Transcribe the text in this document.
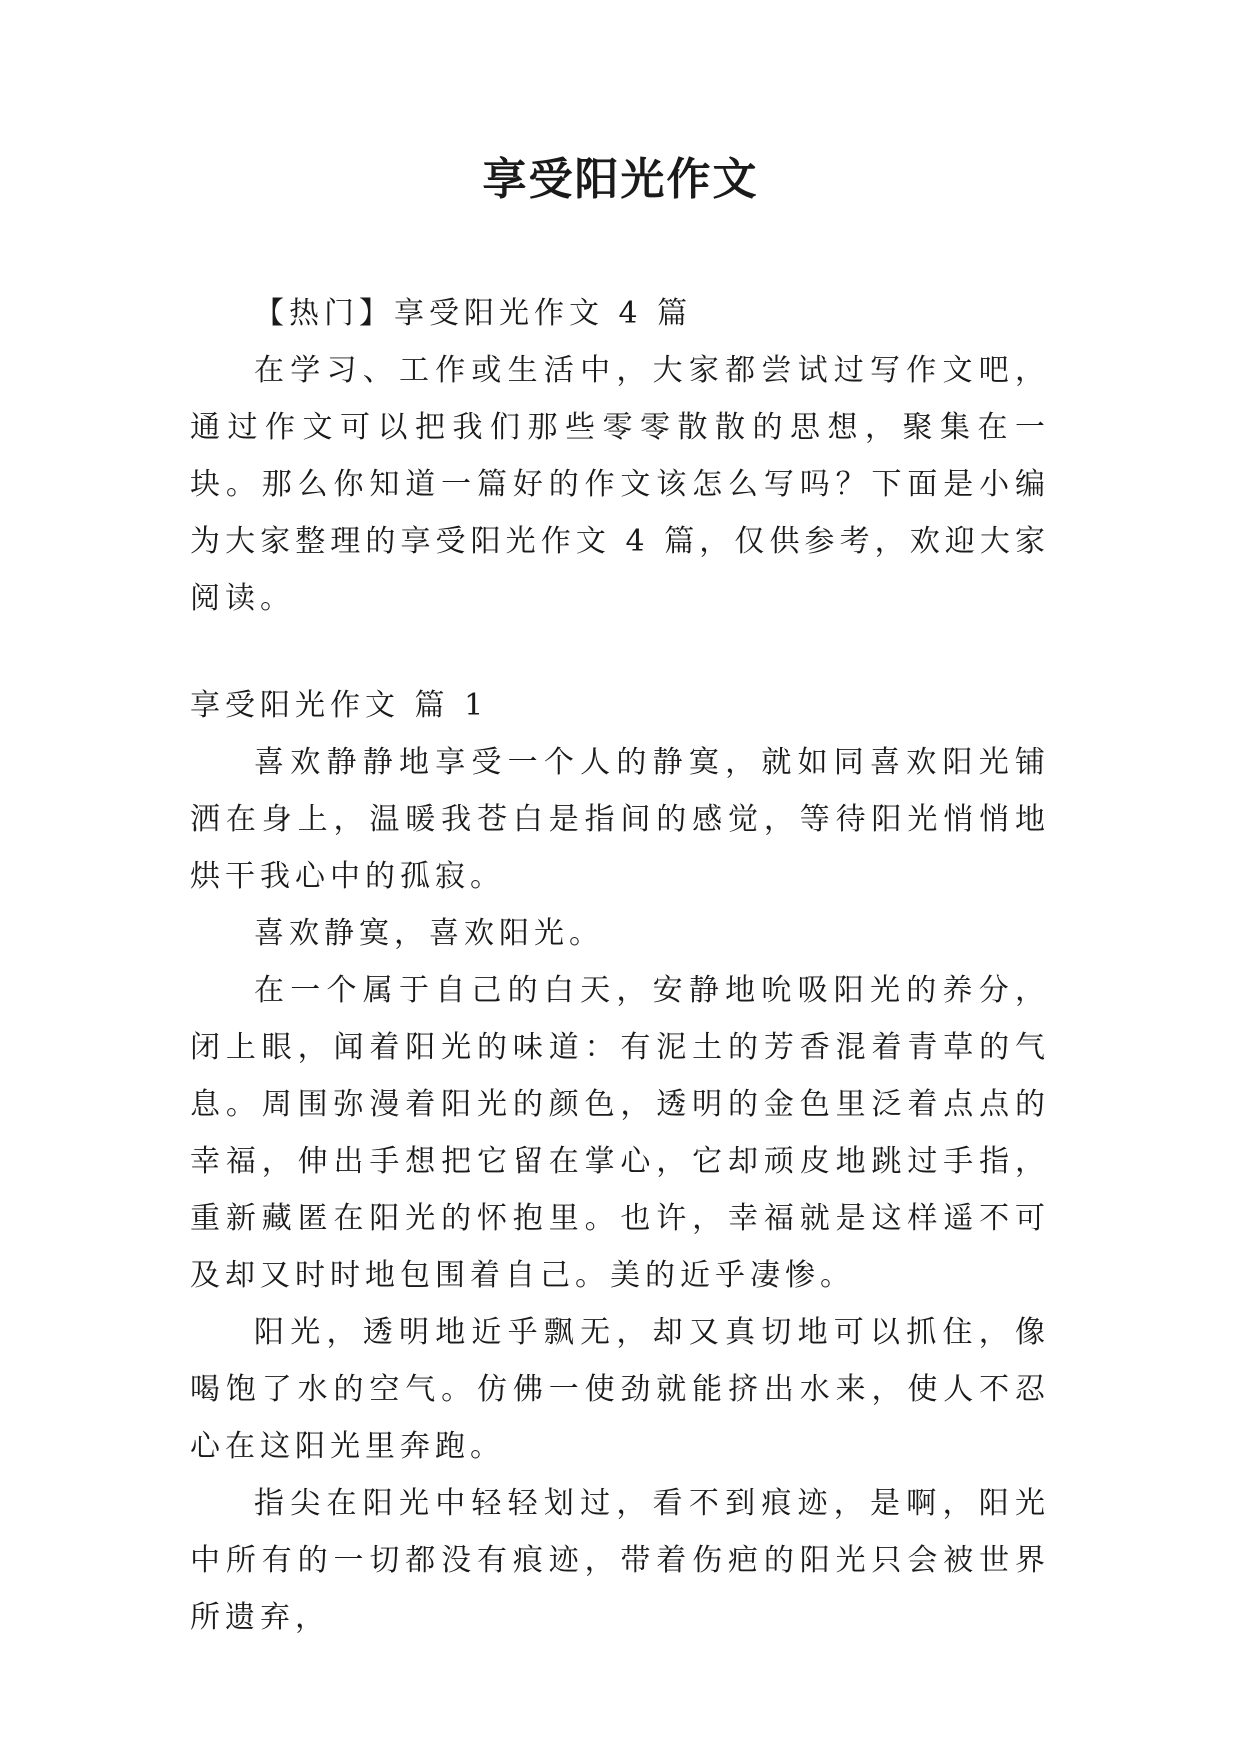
享受阳光作文

【热门】享受阳光作文 4 篇

在学习、工作或生活中，大家都尝试过写作文吧，通过作文可以把我们那些零零散散的思想，聚集在一块。那么你知道一篇好的作文该怎么写吗？下面是小编为大家整理的享受阳光作文 4 篇，仅供参考，欢迎大家阅读。

享受阳光作文 篇 1

喜欢静静地享受一个人的静寞，就如同喜欢阳光铺洒在身上，温暖我苍白是指间的感觉，等待阳光悄悄地烘干我心中的孤寂。

喜欢静寞，喜欢阳光。

在一个属于自己的白天，安静地吮吸阳光的养分，闭上眼，闻着阳光的味道：有泥土的芳香混着青草的气息。周围弥漫着阳光的颜色，透明的金色里泛着点点的幸福，伸出手想把它留在掌心，它却顽皮地跳过手指，重新藏匿在阳光的怀抱里。也许，幸福就是这样遥不可及却又时时地包围着自己。美的近乎凄惨。

阳光，透明地近乎飘无，却又真切地可以抓住，像喝饱了水的空气。仿佛一使劲就能挤出水来，使人不忍心在这阳光里奔跑。

指尖在阳光中轻轻划过，看不到痕迹，是啊，阳光中所有的一切都没有痕迹，带着伤疤的阳光只会被世界所遗弃，
